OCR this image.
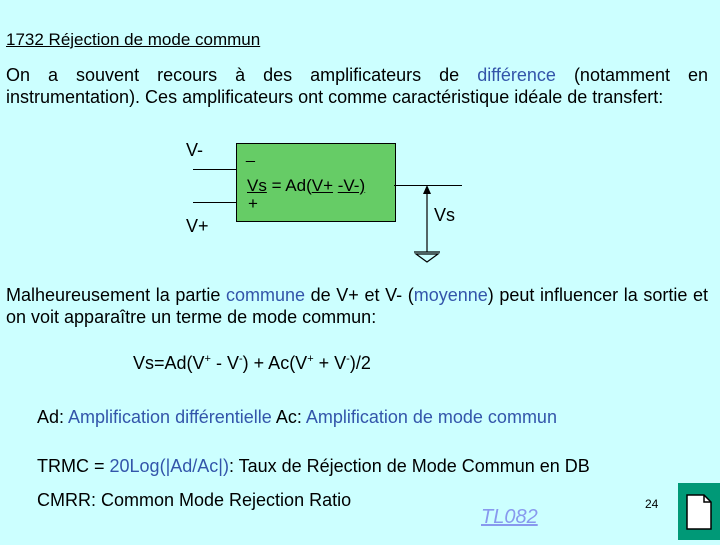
1732 Réjection de mode commun
On a souvent recours à des amplificateurs de différence (notamment en instrumentation). Ces amplificateurs ont comme caractéristique idéale de transfert:
V-
V+
_
Vs = Ad(V+ -V-)
+
Vs
Malheureusement la partie commune de V+ et V- (moyenne) peut influencer la sortie et on voit apparaître un terme de mode commun:
Vs=Ad(V+ - V-) + Ac(V+ + V-)/2
Ad: Amplification différentielle Ac: Amplification de mode commun
TRMC = 20Log(|Ad/Ac|): Taux de Réjection de Mode Commun en DB
CMRR: Common Mode Rejection Ratio
TL082
24
